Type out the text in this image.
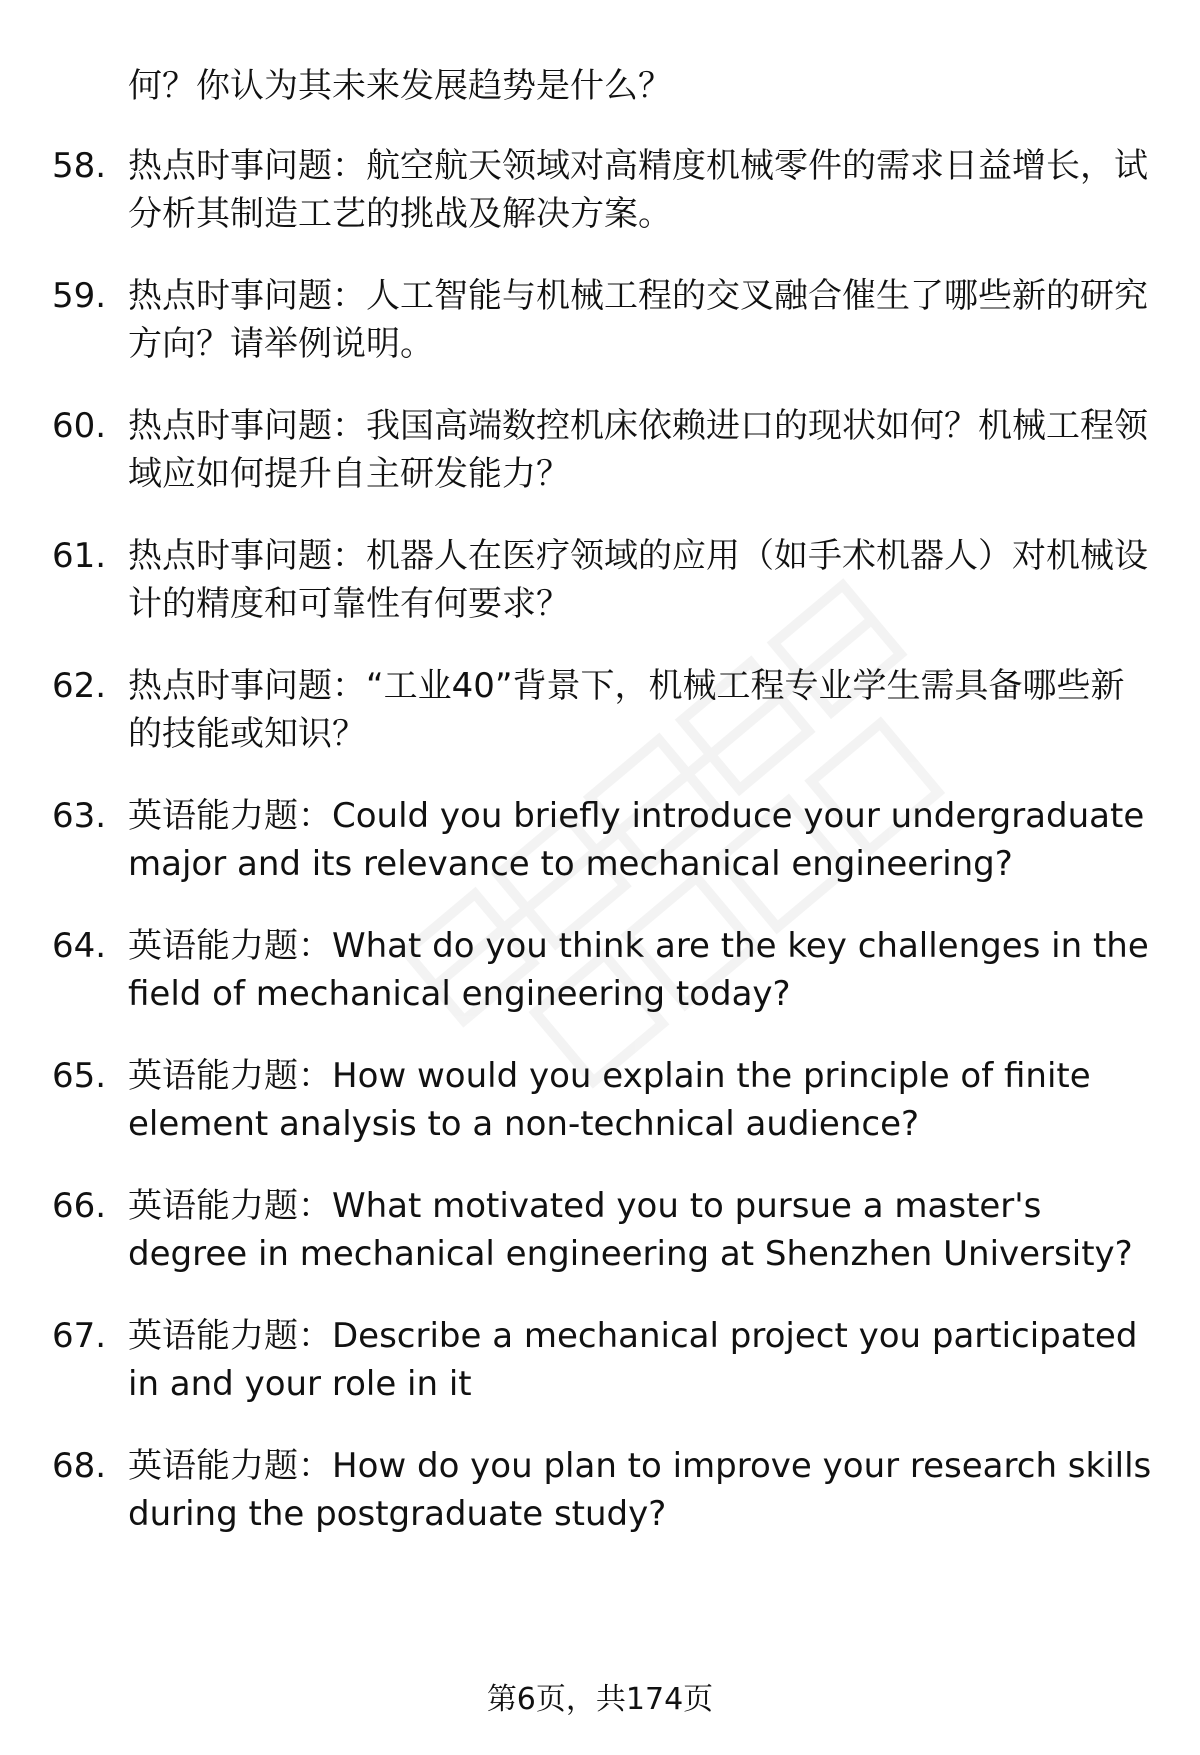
何？你认为其未来发展趋势是什么？

58. 热点时事问题：航空航天领域对高精度机械零件的需求日益增长，试分析其制造工艺的挑战及解决方案。
59. 热点时事问题：人工智能与机械工程的交叉融合催生了哪些新的研究方向？请举例说明。
60. 热点时事问题：我国高端数控机床依赖进口的现状如何？机械工程领域应如何提升自主研发能力？
61. 热点时事问题：机器人在医疗领域的应用（如手术机器人）对机械设计的精度和可靠性有何要求？
62. 热点时事问题：“工业40”背景下，机械工程专业学生需具备哪些新的技能或知识？
63. 英语能力题：Could you briefly introduce your undergraduate major and its relevance to mechanical engineering?
64. 英语能力题：What do you think are the key challenges in the field of mechanical engineering today?
65. 英语能力题：How would you explain the principle of finite element analysis to a non-technical audience?
66. 英语能力题：What motivated you to pursue a master's degree in mechanical engineering at Shenzhen University?
67. 英语能力题：Describe a mechanical project you participated in and your role in it
68. 英语能力题：How do you plan to improve your research skills during the postgraduate study?
第6页，共174页
